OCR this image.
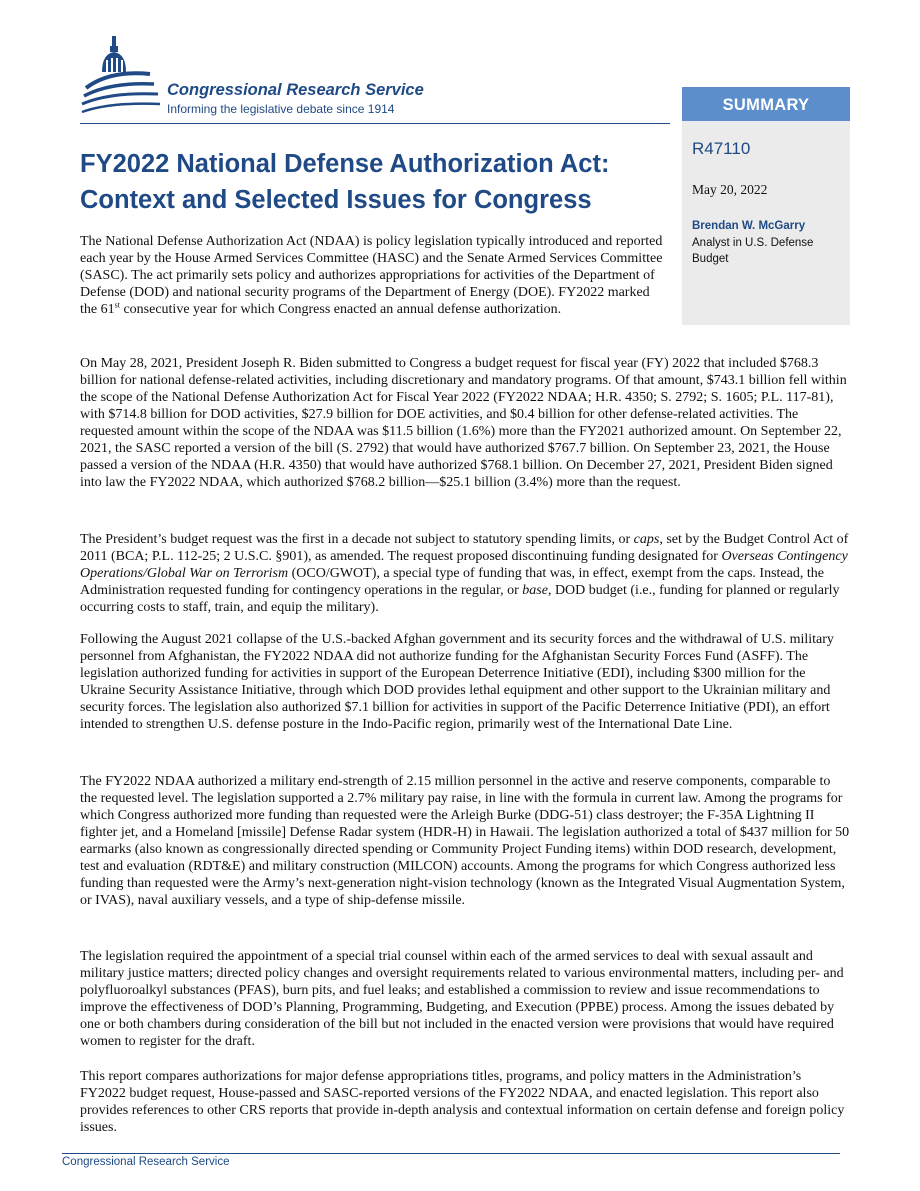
Congressional Research Service
Informing the legislative debate since 1914	SUMMARY
R47110
May 20, 2022
Brendan W. McGarry
Analyst in U.S. Defense Budget
FY2022 National Defense Authorization Act: Context and Selected Issues for Congress

The National Defense Authorization Act (NDAA) is policy legislation typically introduced and reported each year by the House Armed Services Committee (HASC) and the Senate Armed Services Committee (SASC). The act primarily sets policy and authorizes appropriations for activities of the Department of Defense (DOD) and national security programs of the Department of Energy (DOE). FY2022 marked the 61st consecutive year for which Congress enacted an annual defense authorization.

On May 28, 2021, President Joseph R. Biden submitted to Congress a budget request for fiscal year (FY) 2022 that included $768.3 billion for national defense-related activities, including discretionary and mandatory programs. Of that amount, $743.1 billion fell within the scope of the National Defense Authorization Act for Fiscal Year 2022 (FY2022 NDAA; H.R. 4350; S. 2792; S. 1605; P.L. 117-81), with $714.8 billion for DOD activities, $27.9 billion for DOE activities, and $0.4 billion for other defense-related activities. The requested amount within the scope of the NDAA was $11.5 billion (1.6%) more than the FY2021 authorized amount. On September 22, 2021, the SASC reported a version of the bill (S. 2792) that would have authorized $767.7 billion. On September 23, 2021, the House passed a version of the NDAA (H.R. 4350) that would have authorized $768.1 billion. On December 27, 2021, President Biden signed into law the FY2022 NDAA, which authorized $768.2 billion—$25.1 billion (3.4%) more than the request.

The President’s budget request was the first in a decade not subject to statutory spending limits, or caps, set by the Budget Control Act of 2011 (BCA; P.L. 112-25; 2 U.S.C. §901), as amended. The request proposed discontinuing funding designated for Overseas Contingency Operations/Global War on Terrorism (OCO/GWOT), a special type of funding that was, in effect, exempt from the caps. Instead, the Administration requested funding for contingency operations in the regular, or base, DOD budget (i.e., funding for planned or regularly occurring costs to staff, train, and equip the military).

Following the August 2021 collapse of the U.S.-backed Afghan government and its security forces and the withdrawal of U.S. military personnel from Afghanistan, the FY2022 NDAA did not authorize funding for the Afghanistan Security Forces Fund (ASFF). The legislation authorized funding for activities in support of the European Deterrence Initiative (EDI), including $300 million for the Ukraine Security Assistance Initiative, through which DOD provides lethal equipment and other support to the Ukrainian military and security forces. The legislation also authorized $7.1 billion for activities in support of the Pacific Deterrence Initiative (PDI), an effort intended to strengthen U.S. defense posture in the Indo-Pacific region, primarily west of the International Date Line.

The FY2022 NDAA authorized a military end-strength of 2.15 million personnel in the active and reserve components, comparable to the requested level. The legislation supported a 2.7% military pay raise, in line with the formula in current law. Among the programs for which Congress authorized more funding than requested were the Arleigh Burke (DDG-51) class destroyer; the F-35A Lightning II fighter jet, and a Homeland [missile] Defense Radar system (HDR-H) in Hawaii. The legislation authorized a total of $437 million for 50 earmarks (also known as congressionally directed spending or Community Project Funding items) within DOD research, development, test and evaluation (RDT&E) and military construction (MILCON) accounts. Among the programs for which Congress authorized less funding than requested were the Army’s next-generation night-vision technology (known as the Integrated Visual Augmentation System, or IVAS), naval auxiliary vessels, and a type of ship-defense missile.

The legislation required the appointment of a special trial counsel within each of the armed services to deal with sexual assault and military justice matters; directed policy changes and oversight requirements related to various environmental matters, including per- and polyfluoroalkyl substances (PFAS), burn pits, and fuel leaks; and established a commission to review and issue recommendations to improve the effectiveness of DOD’s Planning, Programming, Budgeting, and Execution (PPBE) process. Among the issues debated by one or both chambers during consideration of the bill but not included in the enacted version were provisions that would have required women to register for the draft.

This report compares authorizations for major defense appropriations titles, programs, and policy matters in the Administration’s FY2022 budget request, House-passed and SASC-reported versions of the FY2022 NDAA, and enacted legislation. This report also provides references to other CRS reports that provide in-depth analysis and contextual information on certain defense and foreign policy issues.

Congressional Research Service
